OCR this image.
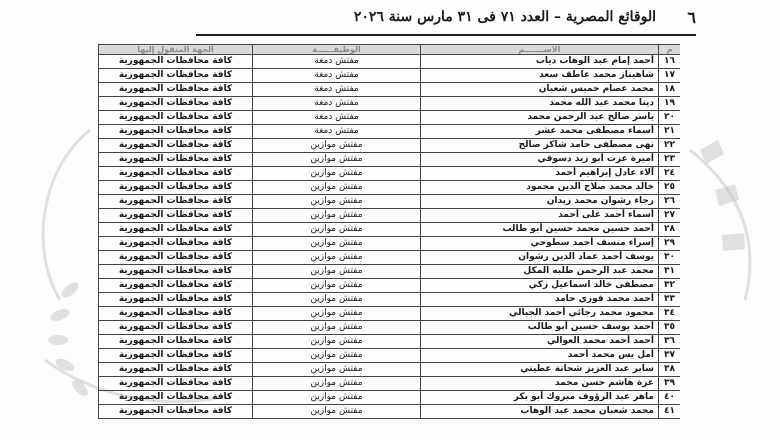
٦
الوقائع المصرية – العدد ٧١ فى ٣١ مارس سنة ٢٠٢٦
م	الاســـــــم	الوظيفــــــة	الجهة المنقول إليها
١٦	أحمد إمام عبد الوهاب دياب	مفتش دمغة	كافة محافظات الجمهورية
١٧	شاهيناز محمد عاطف سعد	مفتش دمغة	كافة محافظات الجمهورية
١٨	محمد عصام خميس شعبان	مفتش دمغة	كافة محافظات الجمهورية
١٩	دينا محمد عبد الله محمد	مفتش دمغة	كافة محافظات الجمهورية
٢٠	ياسر صالح عبد الرحمن محمد	مفتش دمغة	كافة محافظات الجمهورية
٢١	أسماء مصطفى محمد عشر	مفتش دمغة	كافة محافظات الجمهورية
٢٢	نهى مصطفى حامد شاكر صالح	مفتش موازين	كافة محافظات الجمهورية
٢٣	أميرة عزت أبو زيد دسوقي	مفتش موازين	كافة محافظات الجمهورية
٢٤	آلاء عادل إبراهيم أحمد	مفتش موازين	كافة محافظات الجمهورية
٢٥	خالد محمد صلاح الدين محمود	مفتش موازين	كافة محافظات الجمهورية
٢٦	رجاء رشوان محمد زيدان	مفتش موازين	كافة محافظات الجمهورية
٢٧	أسماء أحمد على أحمد	مفتش موازين	كافة محافظات الجمهورية
٢٨	أحمد حسين محمد حسين أبو طالب	مفتش موازين	كافة محافظات الجمهورية
٢٩	إسراء منسف أحمد سطوحي	مفتش موازين	كافة محافظات الجمهورية
٣٠	يوسف أحمد عماد الدين رشوان	مفتش موازين	كافة محافظات الجمهورية
٣١	محمد عبد الرحمن طلبه المكل	مفتش موازين	كافة محافظات الجمهورية
٣٢	مصطفى خالد اسماعيل زكي	مفتش موازين	كافة محافظات الجمهورية
٣٣	أحمد محمد فوزي حامد	مفتش موازين	كافة محافظات الجمهورية
٣٤	محمود محمد رجائي أحمد الجبالي	مفتش موازين	كافة محافظات الجمهورية
٣٥	أحمد يوسف حسين أبو طالب	مفتش موازين	كافة محافظات الجمهورية
٣٦	أحمد أحمد محمد العوالي	مفتش موازين	كافة محافظات الجمهورية
٣٧	أمل يس محمد أحمد	مفتش موازين	كافة محافظات الجمهورية
٣٨	سابر عبد العزيز شحاتة عطيتي	مفتش موازين	كافة محافظات الجمهورية
٣٩	عزة هاشم حسن محمد	مفتش موازين	كافة محافظات الجمهورية
٤٠	ماهر عبد الرؤوف مبروك أبو بكر	مفتش موازين	كافة محافظات الجمهورية
٤١	محمد شعبان محمد عبد الوهاب	مفتش موازين	كافة محافظات الجمهورية
